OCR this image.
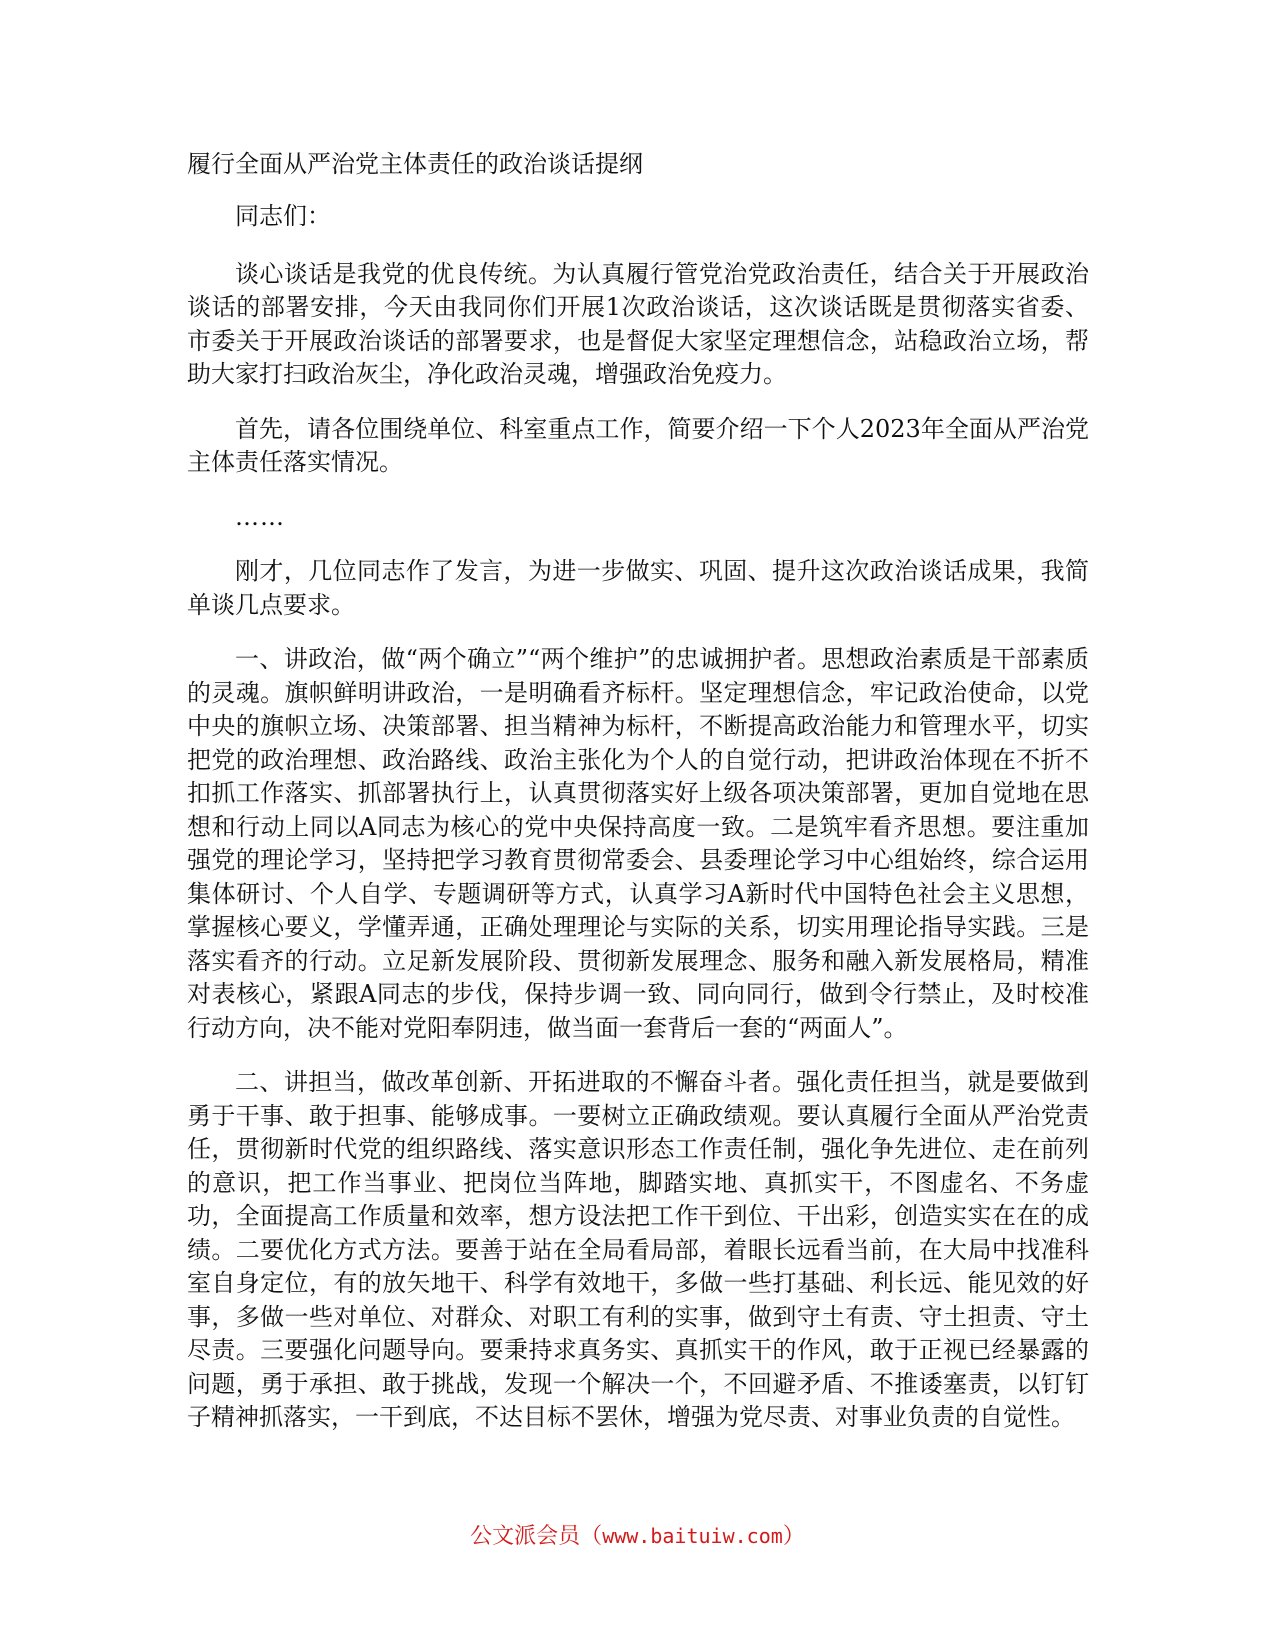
履行全面从严治党主体责任的政治谈话提纲

同志们：

谈心谈话是我党的优良传统。为认真履行管党治党政治责任，结合关于开展政治谈话的部署安排，今天由我同你们开展1次政治谈话，这次谈话既是贯彻落实省委、市委关于开展政治谈话的部署要求，也是督促大家坚定理想信念，站稳政治立场，帮助大家打扫政治灰尘，净化政治灵魂，增强政治免疫力。

首先，请各位围绕单位、科室重点工作，简要介绍一下个人2023年全面从严治党主体责任落实情况。

……

刚才，几位同志作了发言，为进一步做实、巩固、提升这次政治谈话成果，我简单谈几点要求。

一、讲政治，做“两个确立”“两个维护”的忠诚拥护者。思想政治素质是干部素质的灵魂。旗帜鲜明讲政治，一是明确看齐标杆。坚定理想信念，牢记政治使命，以党中央的旗帜立场、决策部署、担当精神为标杆，不断提高政治能力和管理水平，切实把党的政治理想、政治路线、政治主张化为个人的自觉行动，把讲政治体现在不折不扣抓工作落实、抓部署执行上，认真贯彻落实好上级各项决策部署，更加自觉地在思想和行动上同以A同志为核心的党中央保持高度一致。二是筑牢看齐思想。要注重加强党的理论学习，坚持把学习教育贯彻常委会、县委理论学习中心组始终，综合运用集体研讨、个人自学、专题调研等方式，认真学习A新时代中国特色社会主义思想，掌握核心要义，学懂弄通，正确处理理论与实际的关系，切实用理论指导实践。三是落实看齐的行动。立足新发展阶段、贯彻新发展理念、服务和融入新发展格局，精准对表核心，紧跟A同志的步伐，保持步调一致、同向同行，做到令行禁止，及时校准行动方向，决不能对党阳奉阴违，做当面一套背后一套的“两面人”。

二、讲担当，做改革创新、开拓进取的不懈奋斗者。强化责任担当，就是要做到勇于干事、敢于担事、能够成事。一要树立正确政绩观。要认真履行全面从严治党责任，贯彻新时代党的组织路线、落实意识形态工作责任制，强化争先进位、走在前列的意识，把工作当事业、把岗位当阵地，脚踏实地、真抓实干，不图虚名、不务虚功，全面提高工作质量和效率，想方设法把工作干到位、干出彩，创造实实在在的成绩。二要优化方式方法。要善于站在全局看局部，着眼长远看当前，在大局中找准科室自身定位，有的放矢地干、科学有效地干，多做一些打基础、利长远、能见效的好事，多做一些对单位、对群众、对职工有利的实事，做到守土有责、守土担责、守土尽责。三要强化问题导向。要秉持求真务实、真抓实干的作风，敢于正视已经暴露的问题，勇于承担、敢于挑战，发现一个解决一个，不回避矛盾、不推诿塞责，以钉钉子精神抓落实，一干到底，不达目标不罢休，增强为党尽责、对事业负责的自觉性。

公文派会员（www.baituiw.com）
